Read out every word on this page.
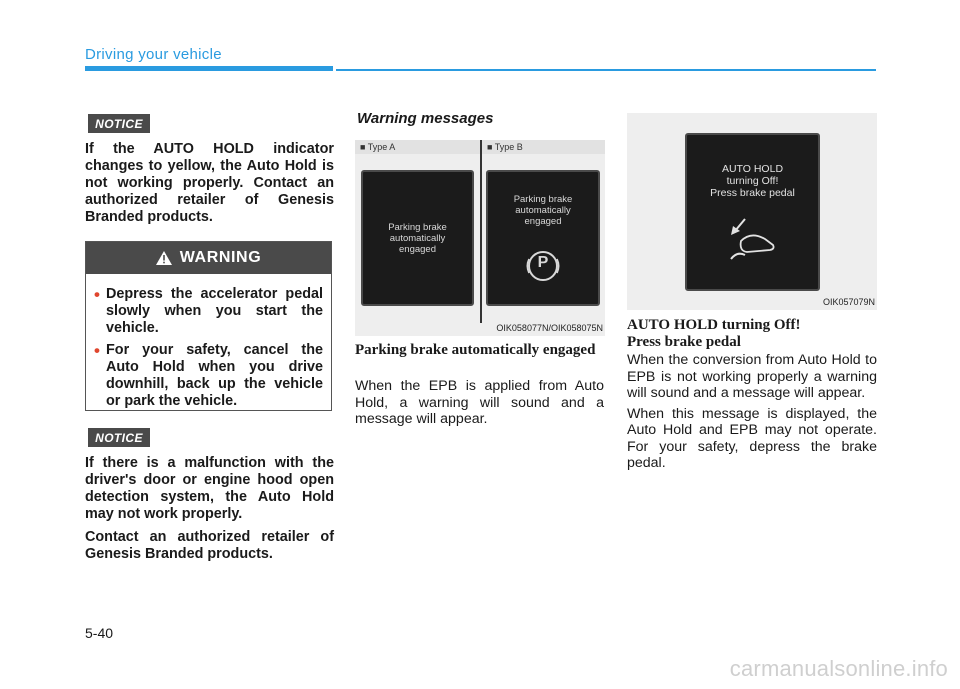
Driving your vehicle
NOTICE

If the AUTO HOLD indicator changes to yellow, the Auto Hold is not working properly. Contact an authorized retailer of Genesis Branded products.

WARNING
• Depress the accelerator pedal slowly when you start the vehicle.
• For your safety, cancel the Auto Hold when you drive downhill, back up the vehicle or park the vehicle.
NOTICE

If there is a malfunction with the driver's door or engine hood open detection system, the Auto Hold may not work properly.

Contact an authorized retailer of Genesis Branded products.

Warning messages
■ Type A	■ Type B
Parking brake
automatically
engaged
Parking brake
automatically
engaged
P
OIK058077N/OIK058075N
Parking brake automatically engaged

When the EPB is applied from Auto Hold, a warning will sound and a message will appear.

AUTO HOLD
turning Off!
Press brake pedal
OIK057079N
AUTO HOLD turning Off!
Press brake pedal

When the conversion from Auto Hold to EPB is not working properly a warning will sound and a message will appear.

When this message is displayed, the Auto Hold and EPB may not operate. For your safety, depress the brake pedal.

5-40
carmanualsonline.info
